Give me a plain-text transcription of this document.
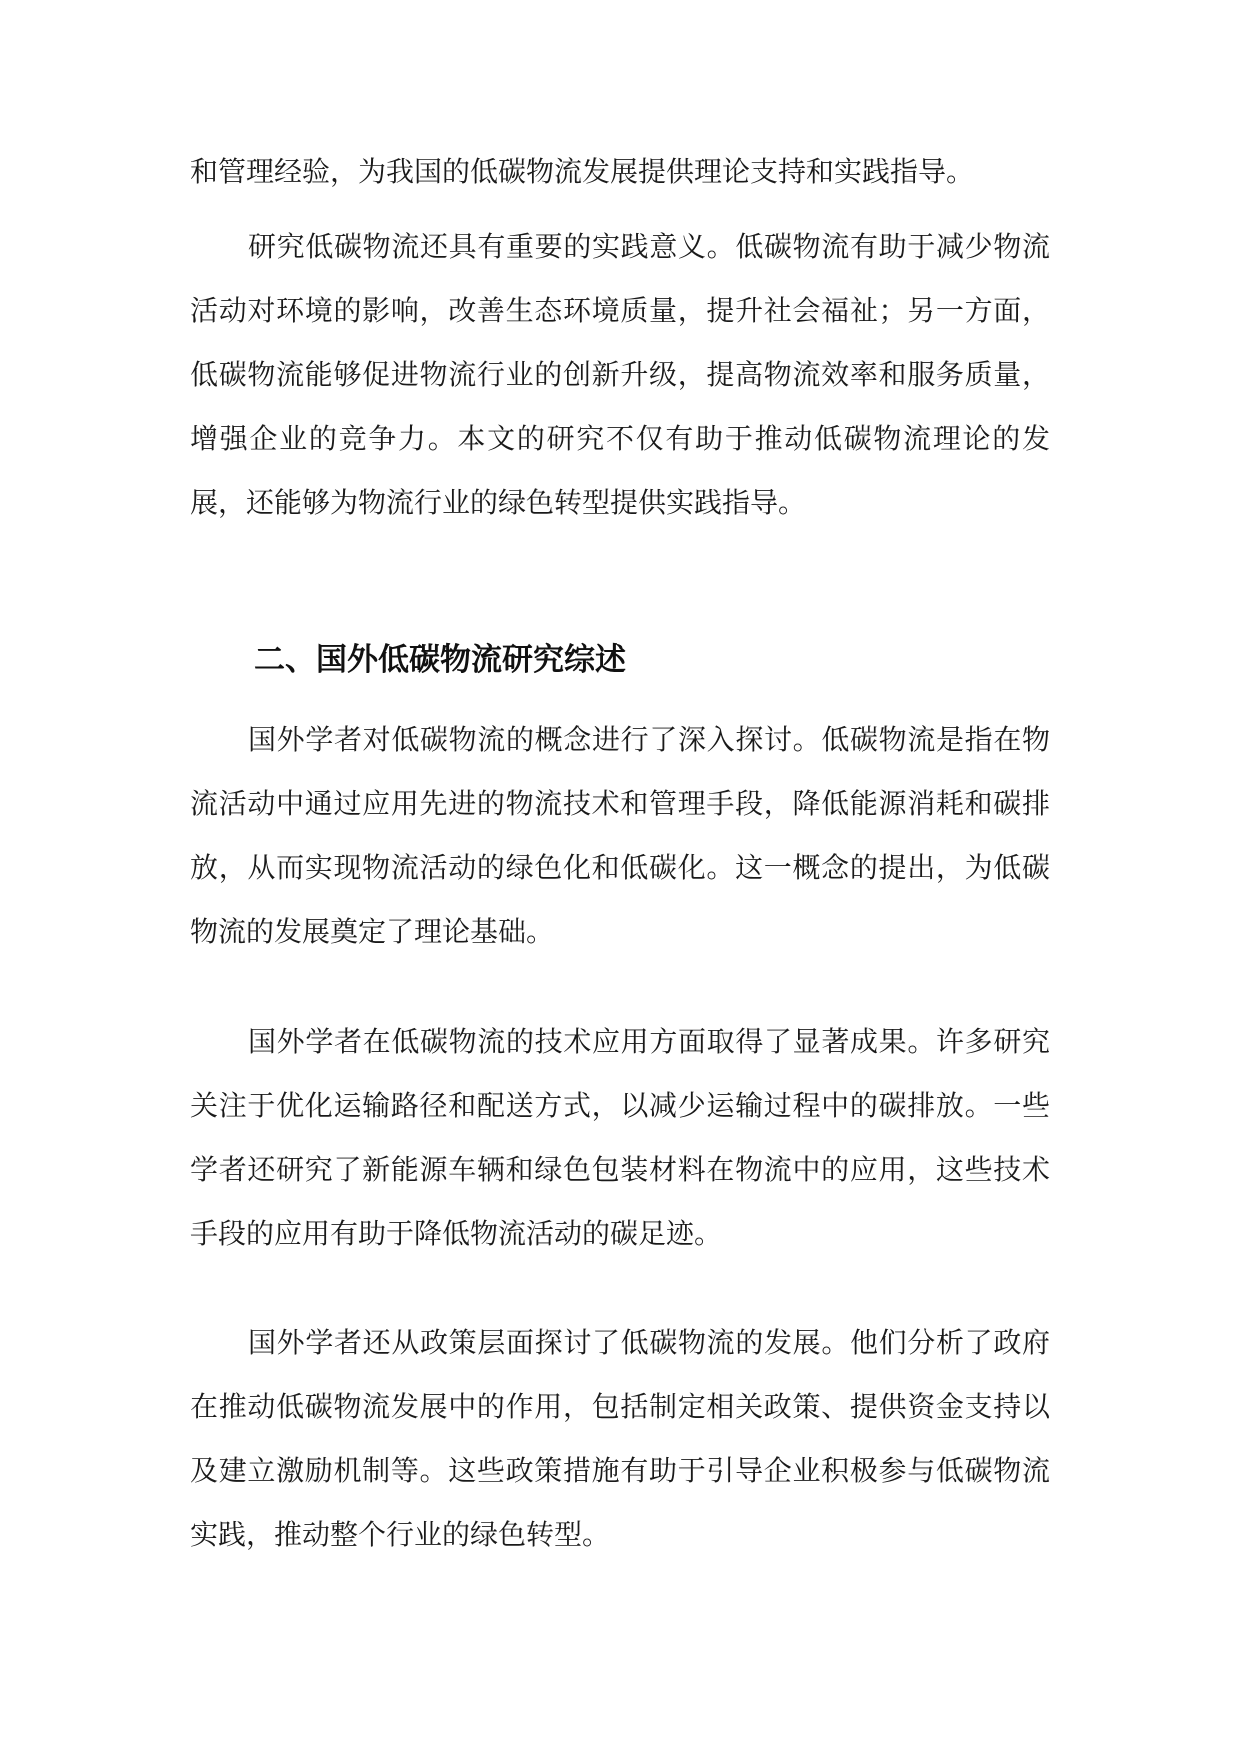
和管理经验，为我国的低碳物流发展提供理论支持和实践指导。

研究低碳物流还具有重要的实践意义。低碳物流有助于减少物流活动对环境的影响，改善生态环境质量，提升社会福祉；另一方面，低碳物流能够促进物流行业的创新升级，提高物流效率和服务质量，增强企业的竞争力。本文的研究不仅有助于推动低碳物流理论的发展，还能够为物流行业的绿色转型提供实践指导。

二、国外低碳物流研究综述

国外学者对低碳物流的概念进行了深入探讨。低碳物流是指在物流活动中通过应用先进的物流技术和管理手段，降低能源消耗和碳排放，从而实现物流活动的绿色化和低碳化。这一概念的提出，为低碳物流的发展奠定了理论基础。

国外学者在低碳物流的技术应用方面取得了显著成果。许多研究关注于优化运输路径和配送方式，以减少运输过程中的碳排放。一些学者还研究了新能源车辆和绿色包装材料在物流中的应用，这些技术手段的应用有助于降低物流活动的碳足迹。

国外学者还从政策层面探讨了低碳物流的发展。他们分析了政府在推动低碳物流发展中的作用，包括制定相关政策、提供资金支持以及建立激励机制等。这些政策措施有助于引导企业积极参与低碳物流实践，推动整个行业的绿色转型。
